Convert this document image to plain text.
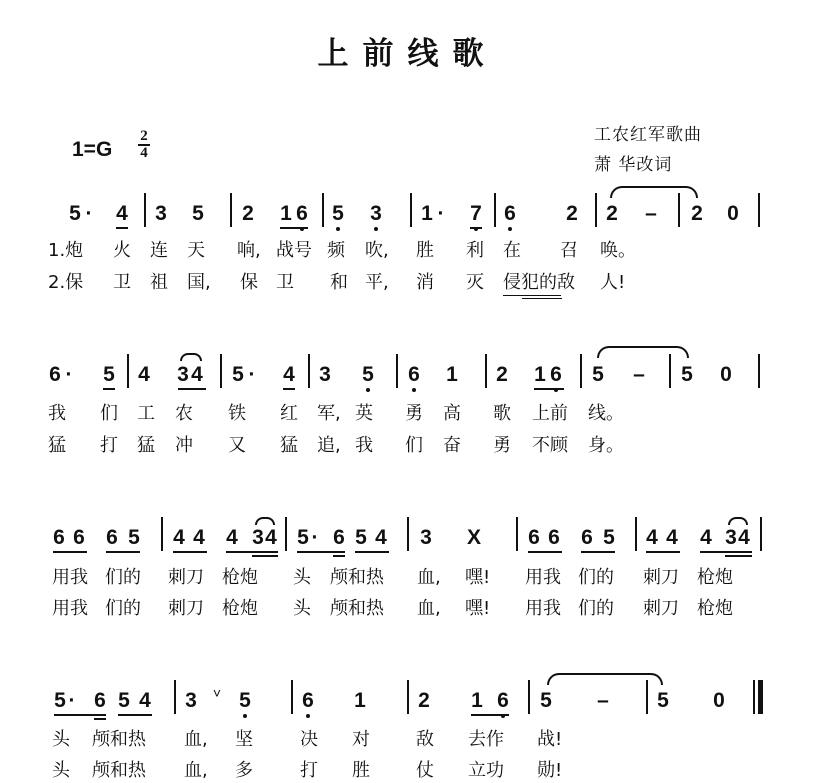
上前线歌
1=G
2
4
工农红军歌曲
萧 华改词
5 · 4 3 5 2 1 6 5 3 1 · 7 6 2 2 – 2 0
1.炮 火 连 天 响, 战号 频 吹, 胜 利 在 召 唤。
2.保 卫 祖 国, 保 卫 和 平, 消 灭 侵犯的敌 人!
6 · 5 4 3 4 5 · 4 3 5 6 1 2 1 6 5 – 5 0
我 们 工 农 铁 红 军, 英 勇 高 歌 上前 线。
猛 打 猛 冲 又 猛 追, 我 们 奋 勇 不顾 身。
6 6 6 5 4 4 4 3 4 5 · 6 5 4 3 X 6 6 6 5 4 4 4 3 4
用我 们的 刺刀 枪炮 头 颅和热 血, 嘿! 用我 们的 刺刀 枪炮
用我 们的 刺刀 枪炮 头 颅和热 血, 嘿! 用我 们的 刺刀 枪炮
5 · 6 5 4 3 ˅ 5 6 1 2 1 6 5 – 5 0
头 颅和热 血, 坚	决 对	敌 去作 战!
头 颅和热 血, 多	打 胜	仗 立功 勋!
